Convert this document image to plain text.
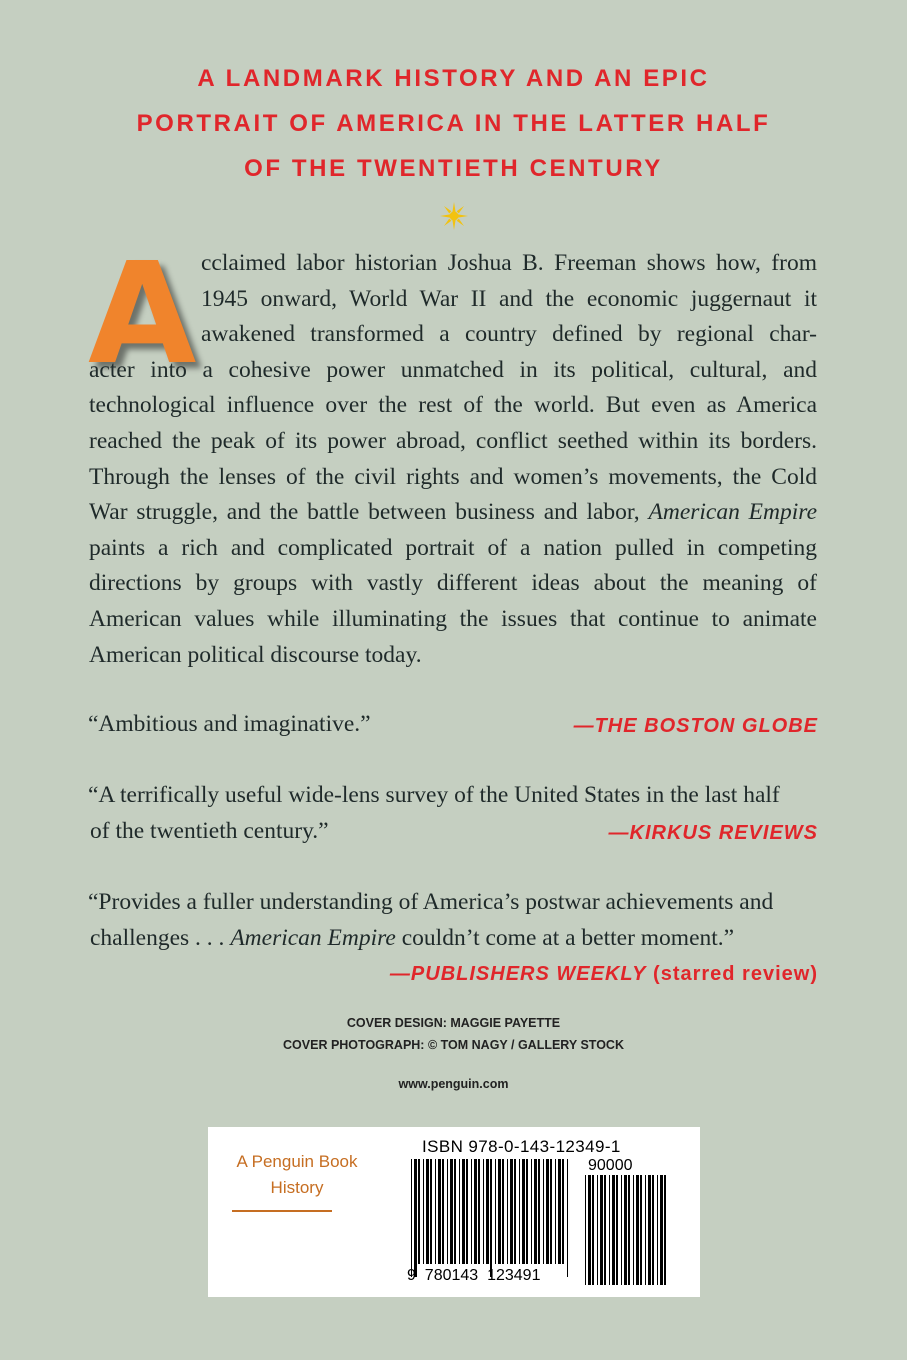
A LANDMARK HISTORY AND AN EPIC
PORTRAIT OF AMERICA IN THE LATTER HALF
OF THE TWENTIETH CENTURY
A cclaimed labor historian Joshua B. Freeman shows how, from
1945 onward, World War II and the economic juggernaut it
awakened transformed a country defined by regional char-
acter into a cohesive power unmatched in its political, cultural, and
technological influence over the rest of the world. But even as America
reached the peak of its power abroad, conflict seethed within its borders.
Through the lenses of the civil rights and women’s movements, the Cold
War struggle, and the battle between business and labor, American Empire
paints a rich and complicated portrait of a nation pulled in competing
directions by groups with vastly different ideas about the meaning of
American values while illuminating the issues that continue to animate
American political discourse today.
“Ambitious and imaginative.”	—THE BOSTON GLOBE
“A terrifically useful wide-lens survey of the United States in the last half
of the twentieth century.”	—KIRKUS REVIEWS
“Provides a fuller understanding of America’s postwar achievements and
challenges . . . American Empire couldn’t come at a better moment.”
—PUBLISHERS WEEKLY (starred review)
COVER DESIGN: MAGGIE PAYETTE
COVER PHOTOGRAPH: © TOM NAGY / GALLERY STOCK
www.penguin.com
A Penguin Book
History
ISBN 978-0-143-12349-1
90000
9  780143  123491
